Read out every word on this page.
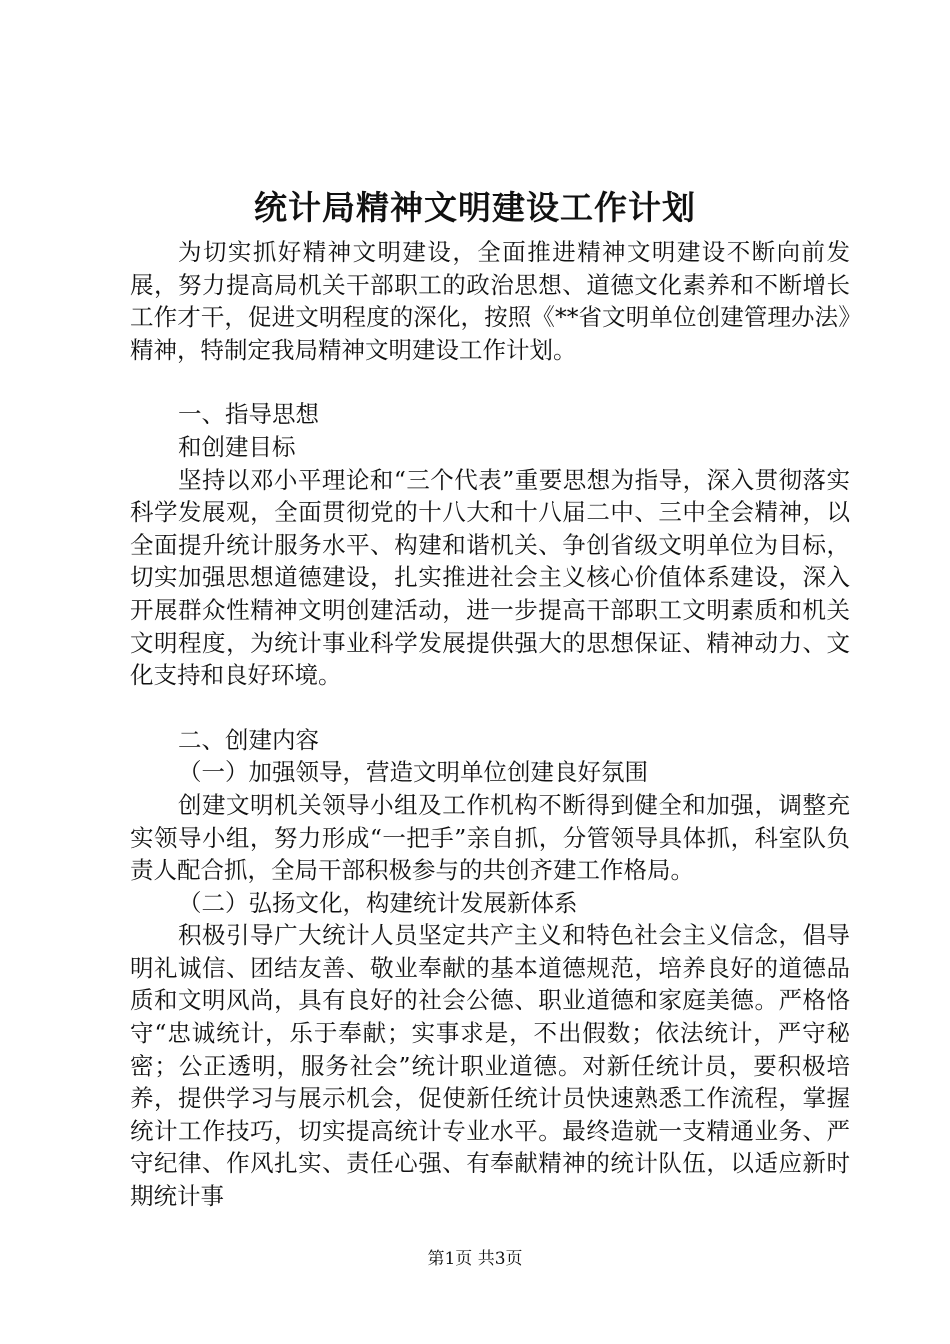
统计局精神文明建设工作计划

为切实抓好精神文明建设，全面推进精神文明建设不断向前发展，努力提高局机关干部职工的政治思想、道德文化素养和不断增长工作才干，促进文明程度的深化，按照《**省文明单位创建管理办法》精神，特制定我局精神文明建设工作计划。

一、指导思想

和创建目标

坚持以邓小平理论和“三个代表”重要思想为指导，深入贯彻落实科学发展观，全面贯彻党的十八大和十八届二中、三中全会精神，以全面提升统计服务水平、构建和谐机关、争创省级文明单位为目标，切实加强思想道德建设，扎实推进社会主义核心价值体系建设，深入开展群众性精神文明创建活动，进一步提高干部职工文明素质和机关文明程度，为统计事业科学发展提供强大的思想保证、精神动力、文化支持和良好环境。

二、创建内容

（一）加强领导，营造文明单位创建良好氛围

创建文明机关领导小组及工作机构不断得到健全和加强，调整充实领导小组，努力形成“一把手”亲自抓，分管领导具体抓，科室队负责人配合抓，全局干部积极参与的共创齐建工作格局。

（二）弘扬文化，构建统计发展新体系

积极引导广大统计人员坚定共产主义和特色社会主义信念，倡导明礼诚信、团结友善、敬业奉献的基本道德规范，培养良好的道德品质和文明风尚，具有良好的社会公德、职业道德和家庭美德。严格恪守“忠诚统计，乐于奉献；实事求是，不出假数；依法统计，严守秘密；公正透明，服务社会”统计职业道德。对新任统计员，要积极培养，提供学习与展示机会，促使新任统计员快速熟悉工作流程，掌握统计工作技巧，切实提高统计专业水平。最终造就一支精通业务、严守纪律、作风扎实、责任心强、有奉献精神的统计队伍，以适应新时期统计事

第1页 共3页
